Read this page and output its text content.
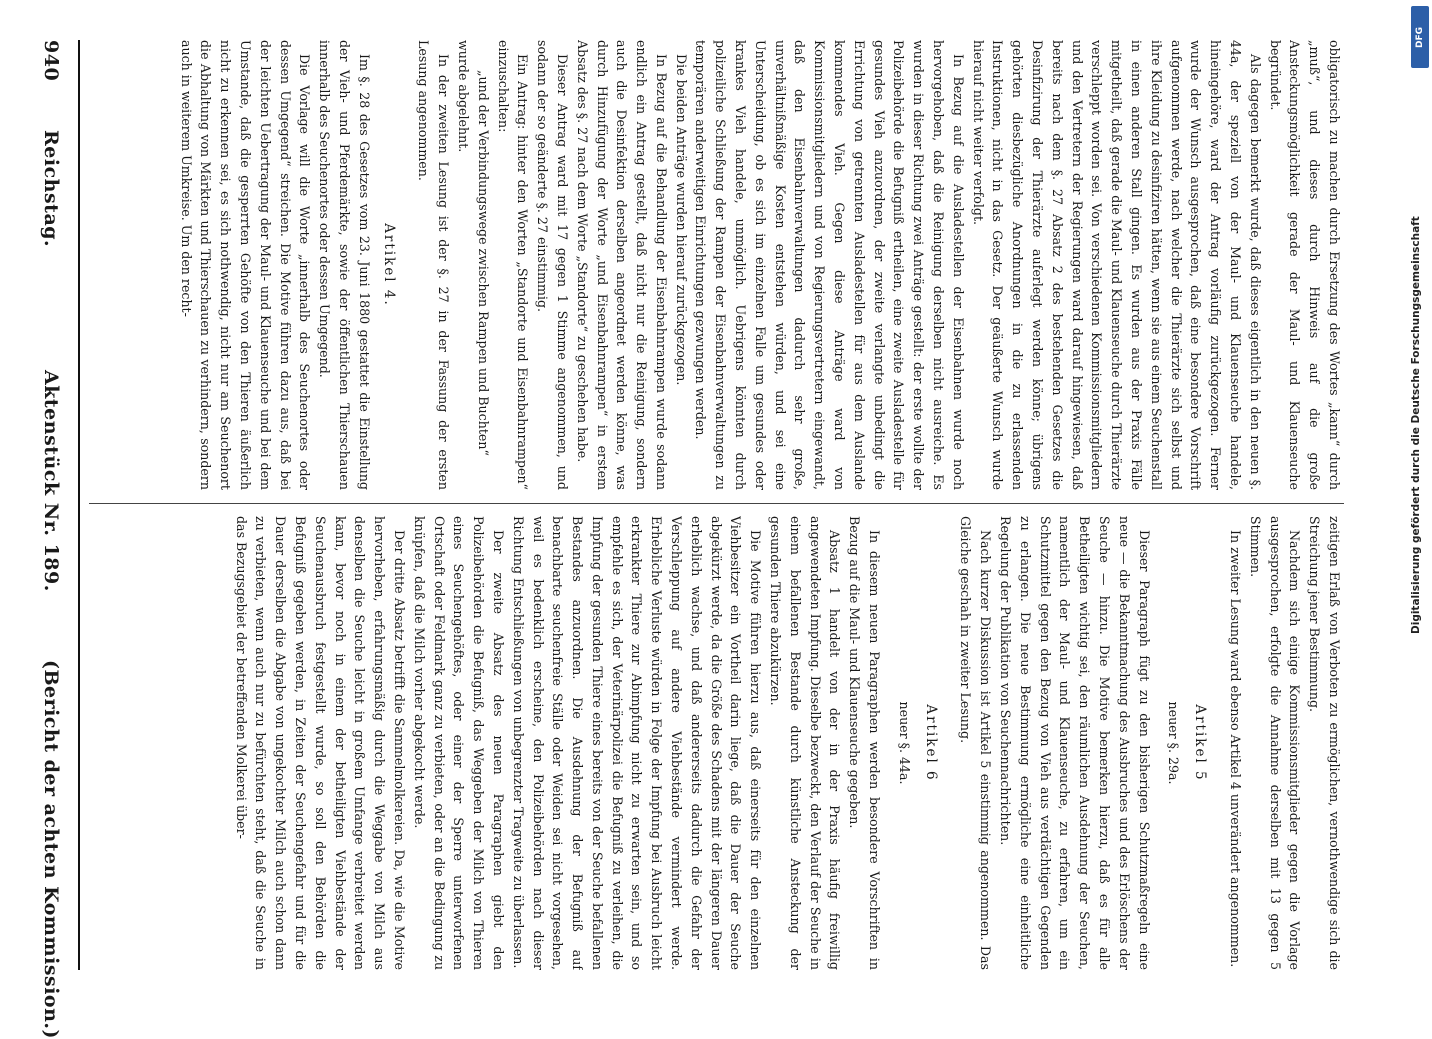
940
Reichstag.
Aktenstück Nr. 189.
(Bericht der achten Kommission.)

obligatorisch zu machen durch Ersetzung des Wortes „kann“ durch „muß“, und dieses durch Hinweis auf die große Ansteckungsmöglichkeit gerade der Maul- und Klauenseuche begründet.

Als dagegen bemerkt wurde, daß dieses eigentlich in den neuen §. 44a, der speziell von der Maul- und Klauenseuche handele, hineingehöre, ward der Antrag vorläufig zurückgezogen. Ferner wurde der Wunsch ausgesprochen, daß eine besondere Vorschrift aufgenommen werde, nach welcher die Thierärzte sich selbst und ihre Kleidung zu desinfiziren hätten, wenn sie aus einem Seuchenstall in einen anderen Stall gingen. Es wurden aus der Praxis Fälle mitgetheilt, daß gerade die Maul- und Klauenseuche durch Thierärzte verschleppt worden sei. Von verschiedenen Kommissionsmitgliedern und den Vertretern der Regierungen ward darauf hingewiesen, daß bereits nach dem §. 27 Absatz 2 des bestehenden Gesetzes die Desinfizirung der Thierärzte auferlegt werden könne; übrigens gehörten diesbezügliche Anordnungen in die zu erlassenden Instruktionen, nicht in das Gesetz. Der geäußerte Wunsch wurde hierauf nicht weiter verfolgt.

In Bezug auf die Ausladestellen der Eisenbahnen wurde noch hervorgehoben, daß die Reinigung derselben nicht ausreiche. Es wurden in dieser Richtung zwei Anträge gestellt: der erste wollte der Polizeibehörde die Befugniß ertheilen, eine zweite Ausladestelle für gesundes Vieh anzuordnen, der zweite verlangte unbedingt die Errichtung von getrennten Ausladestellen für aus dem Auslande kommendes Vieh. Gegen diese Anträge ward von Kommissionsmitgliedern und von Regierungsvertretern eingewandt, daß den Eisenbahnverwaltungen dadurch sehr große, unverhältnißmäßige Kosten entstehen würden, und sei eine Unterscheidung, ob es sich im einzelnen Falle um gesundes oder krankes Vieh handele, unmöglich. Uebrigens könnten durch polizeiliche Schließung der Rampen der Eisenbahnverwaltungen zu temporären anderweitigen Einrichtungen gezwungen werden.

Die beiden Anträge wurden hierauf zurückgezogen.

In Bezug auf die Behandlung der Eisenbahnrampen wurde sodann endlich ein Antrag gestellt, daß nicht nur die Reinigung, sondern auch die Desinfektion derselben angeordnet werden könne, was durch Hinzufügung der Worte „und Eisenbahnrampen“ in erstem Absatz des §. 27 nach dem Worte „Standorte“ zu geschehen habe.

Dieser Antrag ward mit 17 gegen 1 Stimme angenommen, und sodann der so geänderte §. 27 einstimmig.

Ein Antrag: hinter den Worten „Standorte und Eisenbahnrampen“ einzuschalten:

„und der Verbindungswege zwischen Rampen und Buchten“

wurde abgelehnt.

In der zweiten Lesung ist der §. 27 in der Fassung der ersten Lesung angenommen.

Artikel 4.

Im §. 28 des Gesetzes vom 23. Juni 1880 gestattet die Einstellung der Vieh- und Pferdemärkte, sowie der öffentlichen Thierschauen innerhalb des Seuchenortes oder dessen Umgegend.

Die Vorlage will die Worte „innerhalb des Seuchenortes oder dessen Umgegend“ streichen. Die Motive führen dazu aus, daß bei der leichten Uebertragung der Maul- und Klauenseuche und bei dem Umstande, daß die gesperrten Gehöfte von den Thieren äußerlich nicht zu erkennen sei, es sich nothwendig, nicht nur am Seuchenort die Abhaltung von Märkten und Thierschauen zu verhindern, sondern auch in weiterem Umkreise. Um den recht-

zeitigen Erlaß von Verboten zu ermöglichen, vernothwendige sich die Streichung jener Bestimmung.

Nachdem sich einige Kommissionsmitglieder gegen die Vorlage ausgesprochen, erfolgte die Annahme derselben mit 13 gegen 5 Stimmen.

In zweiter Lesung ward ebenso Artikel 4 unverändert angenommen.

Artikel 5

neuer §. 29a.

Dieser Paragraph fügt zu den bisherigen Schutzmaßregeln eine neue — die Bekanntmachung des Ausbruches und des Erlöschens der Seuche — hinzu. Die Motive bemerken hierzu, daß es für alle Betheiligten wichtig sei, den räumlichen Ausdehnung der Seuchen, namentlich der Maul- und Klauenseuche, zu erfahren, um ein Schutzmittel gegen den Bezug von Vieh aus verdächtigen Gegenden zu erlangen. Die neue Bestimmung ermögliche eine einheitliche Regelung der Publikation von Seuchennachrichten.

Nach kurzer Diskussion ist Artikel 5 einstimmig angenommen. Das Gleiche geschah in zweiter Lesung.

Artikel 6

neuer §. 44a.

In diesem neuen Paragraphen werden besondere Vorschriften in Bezug auf die Maul- und Klauenseuche gegeben.

Absatz 1 handelt von der in der Praxis häufig freiwillig angewendeten Impfung. Dieselbe bezweckt, den Verlauf der Seuche in einem befallenen Bestande durch künstliche Ansteckung der gesunden Thiere abzukürzen.

Die Motive führen hierzu aus, daß einerseits für den einzelnen Viehbesitzer ein Vortheil darin liege, daß die Dauer der Seuche abgekürzt werde, da die Größe des Schadens mit der längeren Dauer erheblich wachse, und daß andererseits dadurch die Gefahr der Verschleppung auf andere Viehbestände vermindert werde. Erhebliche Verluste würden in Folge der Impfung bei Ausbruch leicht erkrankter Thiere zur Abimpfung nicht zu erwarten sein, und so empfehle es sich, der Veterinärpolizei die Befugniß zu verleihen, die Impfung der gesunden Thiere eines bereits von der Seuche befallenen Bestandes anzuordnen. Die Ausdehnung der Befugniß auf benachbarte seuchenfreie Ställe oder Weiden sei nicht vorgesehen, weil es bedenklich erscheine, den Polizeibehörden nach dieser Richtung Entschließungen von unbegrenzter Tragweite zu überlassen.

Der zweite Absatz des neuen Paragraphen giebt den Polizeibehörden die Befugniß, das Weggeben der Milch von Thieren eines Seuchengehöftes, oder einer der Sperre unterworfenen Ortschaft oder Feldmark ganz zu verbieten, oder an die Bedingung zu knüpfen, daß die Milch vorher abgekocht werde.

Der dritte Absatz betrifft die Sammelmolkereien. Da, wie die Motive hervorheben, erfahrungsmäßig durch die Weggabe von Milch aus denselben die Seuche leicht in großem Umfange verbreitet werden kann, bevor noch in einem der betheiligten Viehbestände der Seuchenausbruch festgestellt wurde, so soll den Behörden die Befugniß gegeben werden, in Zeiten der Seuchengefahr und für die Dauer derselben die Abgabe von ungekochter Milch auch schon dann zu verbieten, wenn auch nur zu befürchten steht, daß die Seuche in das Bezugsgebiet der betreffenden Molkerei über-

DFG
Digitalisierung gefördert durch die Deutsche Forschungsgemeinschaft
